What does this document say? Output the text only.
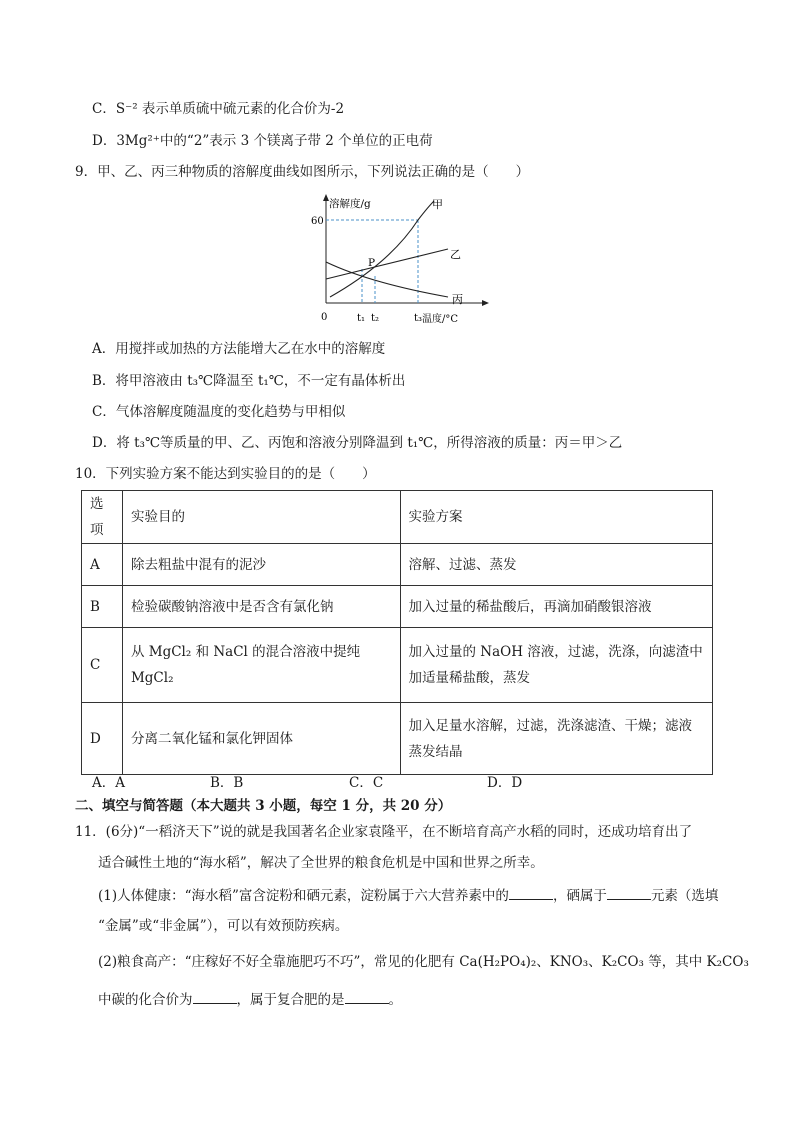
C．S⁻² 表示单质硫中硫元素的化合价为-2
D．3Mg²⁺中的“2”表示 3 个镁离子带 2 个单位的正电荷
9．甲、乙、丙三种物质的溶解度曲线如图所示，下列说法正确的是（　　）
溶解度/g
60
0	温度/°C
甲
乙
丙
P
t₁ t₂	t₃
A．用搅拌或加热的方法能增大乙在水中的溶解度
B．将甲溶液由 t₃℃降温至 t₁℃，不一定有晶体析出
C．气体溶解度随温度的变化趋势与甲相似
D．将 t₃℃等质量的甲、乙、丙饱和溶液分别降温到 t₁℃，所得溶液的质量：丙＝甲＞乙
10．下列实验方案不能达到实验目的的是（　　）
选项	实验目的	实验方案
A	除去粗盐中混有的泥沙	溶解、过滤、蒸发
B	检验碳酸钠溶液中是否含有氯化钠	加入过量的稀盐酸后，再滴加硝酸银溶液
C	从 MgCl₂ 和 NaCl 的混合溶液中提纯 MgCl₂	加入过量的 NaOH 溶液，过滤，洗涤，向滤渣中
加适量稀盐酸，蒸发

D	分离二氧化锰和氯化钾固体	加入足量水溶解，过滤，洗涤滤渣、干燥；滤液
蒸发结晶
A．A	B．B	C．C	D．D
二、填空与简答题（本大题共 3 小题，每空 1 分，共 20 分）
11．(6分)“一稻济天下”说的就是我国著名企业家袁隆平，在不断培育高产水稻的同时，还成功培育出了
适合碱性土地的“海水稻”，解决了全世界的粮食危机是中国和世界之所幸。
(1)人体健康：“海水稻”富含淀粉和硒元素，淀粉属于六大营养素中的	，硒属于	元素（选填
“金属”或“非金属”），可以有效预防疾病。
(2)粮食高产：“庄稼好不好全靠施肥巧不巧”，常见的化肥有 Ca(H₂PO₄)₂、KNO₃、K₂CO₃ 等，其中 K₂CO₃
中碳的化合价为	，属于复合肥的是	。
